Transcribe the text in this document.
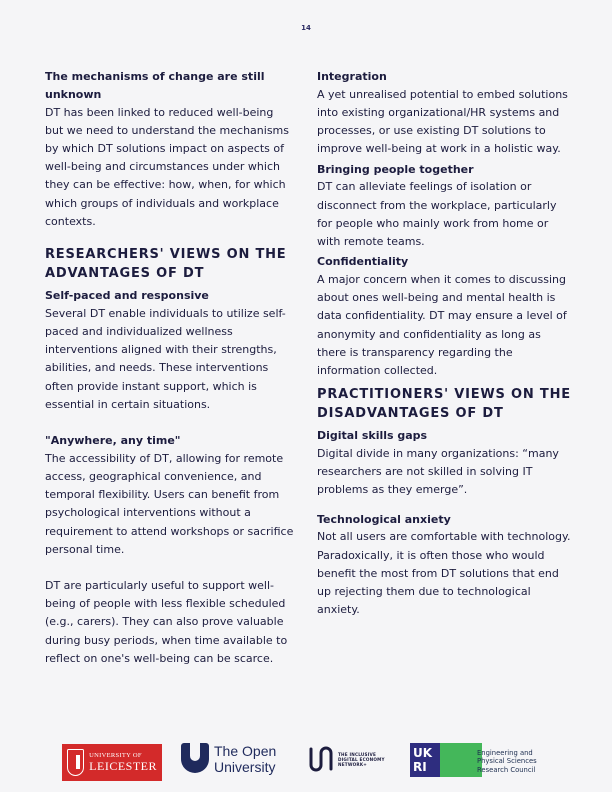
14
The mechanisms of change are still unknown
DT has been linked to reduced well-being but we need to understand the mechanisms by which DT solutions impact on aspects of well-being and circumstances under which they can be effective: how, when, for which which groups of individuals and workplace contexts.
RESEARCHERS' VIEWS ON THE ADVANTAGES OF DT
Self-paced and responsive
Several DT enable individuals to utilize self-paced and individualized wellness interventions aligned with their strengths, abilities, and needs. These interventions often provide instant support, which is essential in certain situations.
"Anywhere, any time"
The accessibility of DT, allowing for remote access, geographical convenience, and temporal flexibility. Users can benefit from psychological interventions without a requirement to attend workshops or sacrifice personal time.
DT are particularly useful to support well-being of people with less flexible scheduled (e.g., carers). They can also prove valuable during busy periods, when time available to reflect on one's well-being can be scarce.
Integration
A yet unrealised potential to embed solutions into existing organizational/HR systems and processes, or use existing DT solutions to improve well-being at work in a holistic way.
Bringing people together
DT can alleviate feelings of isolation or disconnect from the workplace, particularly for people who mainly work from home or with remote teams.
Confidentiality
A major concern when it comes to discussing about ones well-being and mental health is data confidentiality. DT may ensure a level of anonymity and confidentiality as long as there is transparency regarding the information collected.
PRACTITIONERS' VIEWS ON THE DISADVANTAGES OF DT
Digital skills gaps
Digital divide in many organizations: “many researchers are not skilled in solving IT problems as they emerge”.
Technological anxiety
Not all users are comfortable with technology. Paradoxically, it is often those who would benefit the most from DT solutions that end up rejecting them due to technological anxiety.
UNIVERSITY OF
LEICESTER
The Open
University
THE INCLUSIVE
DIGITAL ECONOMY
NETWORK+
UK RI
Engineering and
Physical Sciences
Research Council
